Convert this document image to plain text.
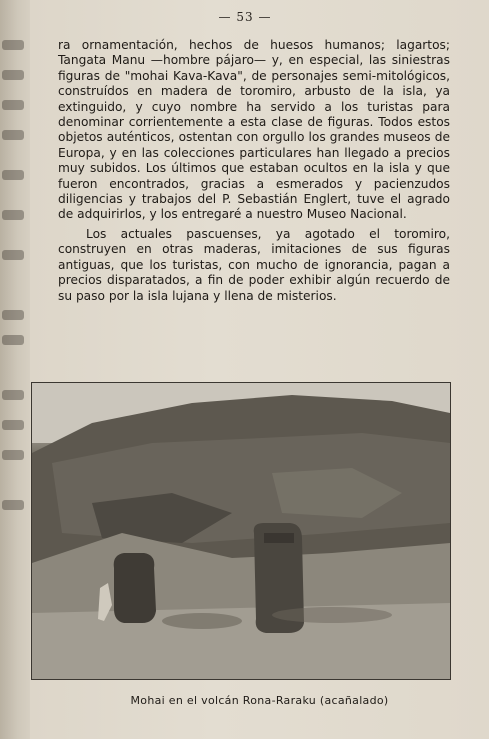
— 53 —

ra ornamentación, hechos de huesos humanos; lagartos; Tangata Manu —hombre pájaro— y, en especial, las siniestras figuras de "mohai Kava-Kava", de personajes semi-mitológicos, construídos en madera de toromiro, arbusto de la isla, ya extinguido, y cuyo nombre ha servido a los turistas para denominar corrientemente a esta clase de figuras. Todos estos objetos auténticos, ostentan con orgullo los grandes museos de Europa, y en las colecciones particulares han llegado a precios muy subidos. Los últimos que estaban ocultos en la isla y que fueron encontrados, gracias a esmerados y pacienzudos diligencias y trabajos del P. Sebastián Englert, tuve el agrado de adquirirlos, y los entregaré a nuestro Museo Nacional.

Los actuales pascuenses, ya agotado el toromiro, construyen en otras maderas, imitaciones de sus figuras antiguas, que los turistas, con mucho de ignorancia, pagan a precios disparatados, a fin de poder exhibir algún recuerdo de su paso por la isla lujana y llena de misterios.

Mohai en el volcán Rona-Raraku (acañalado)
